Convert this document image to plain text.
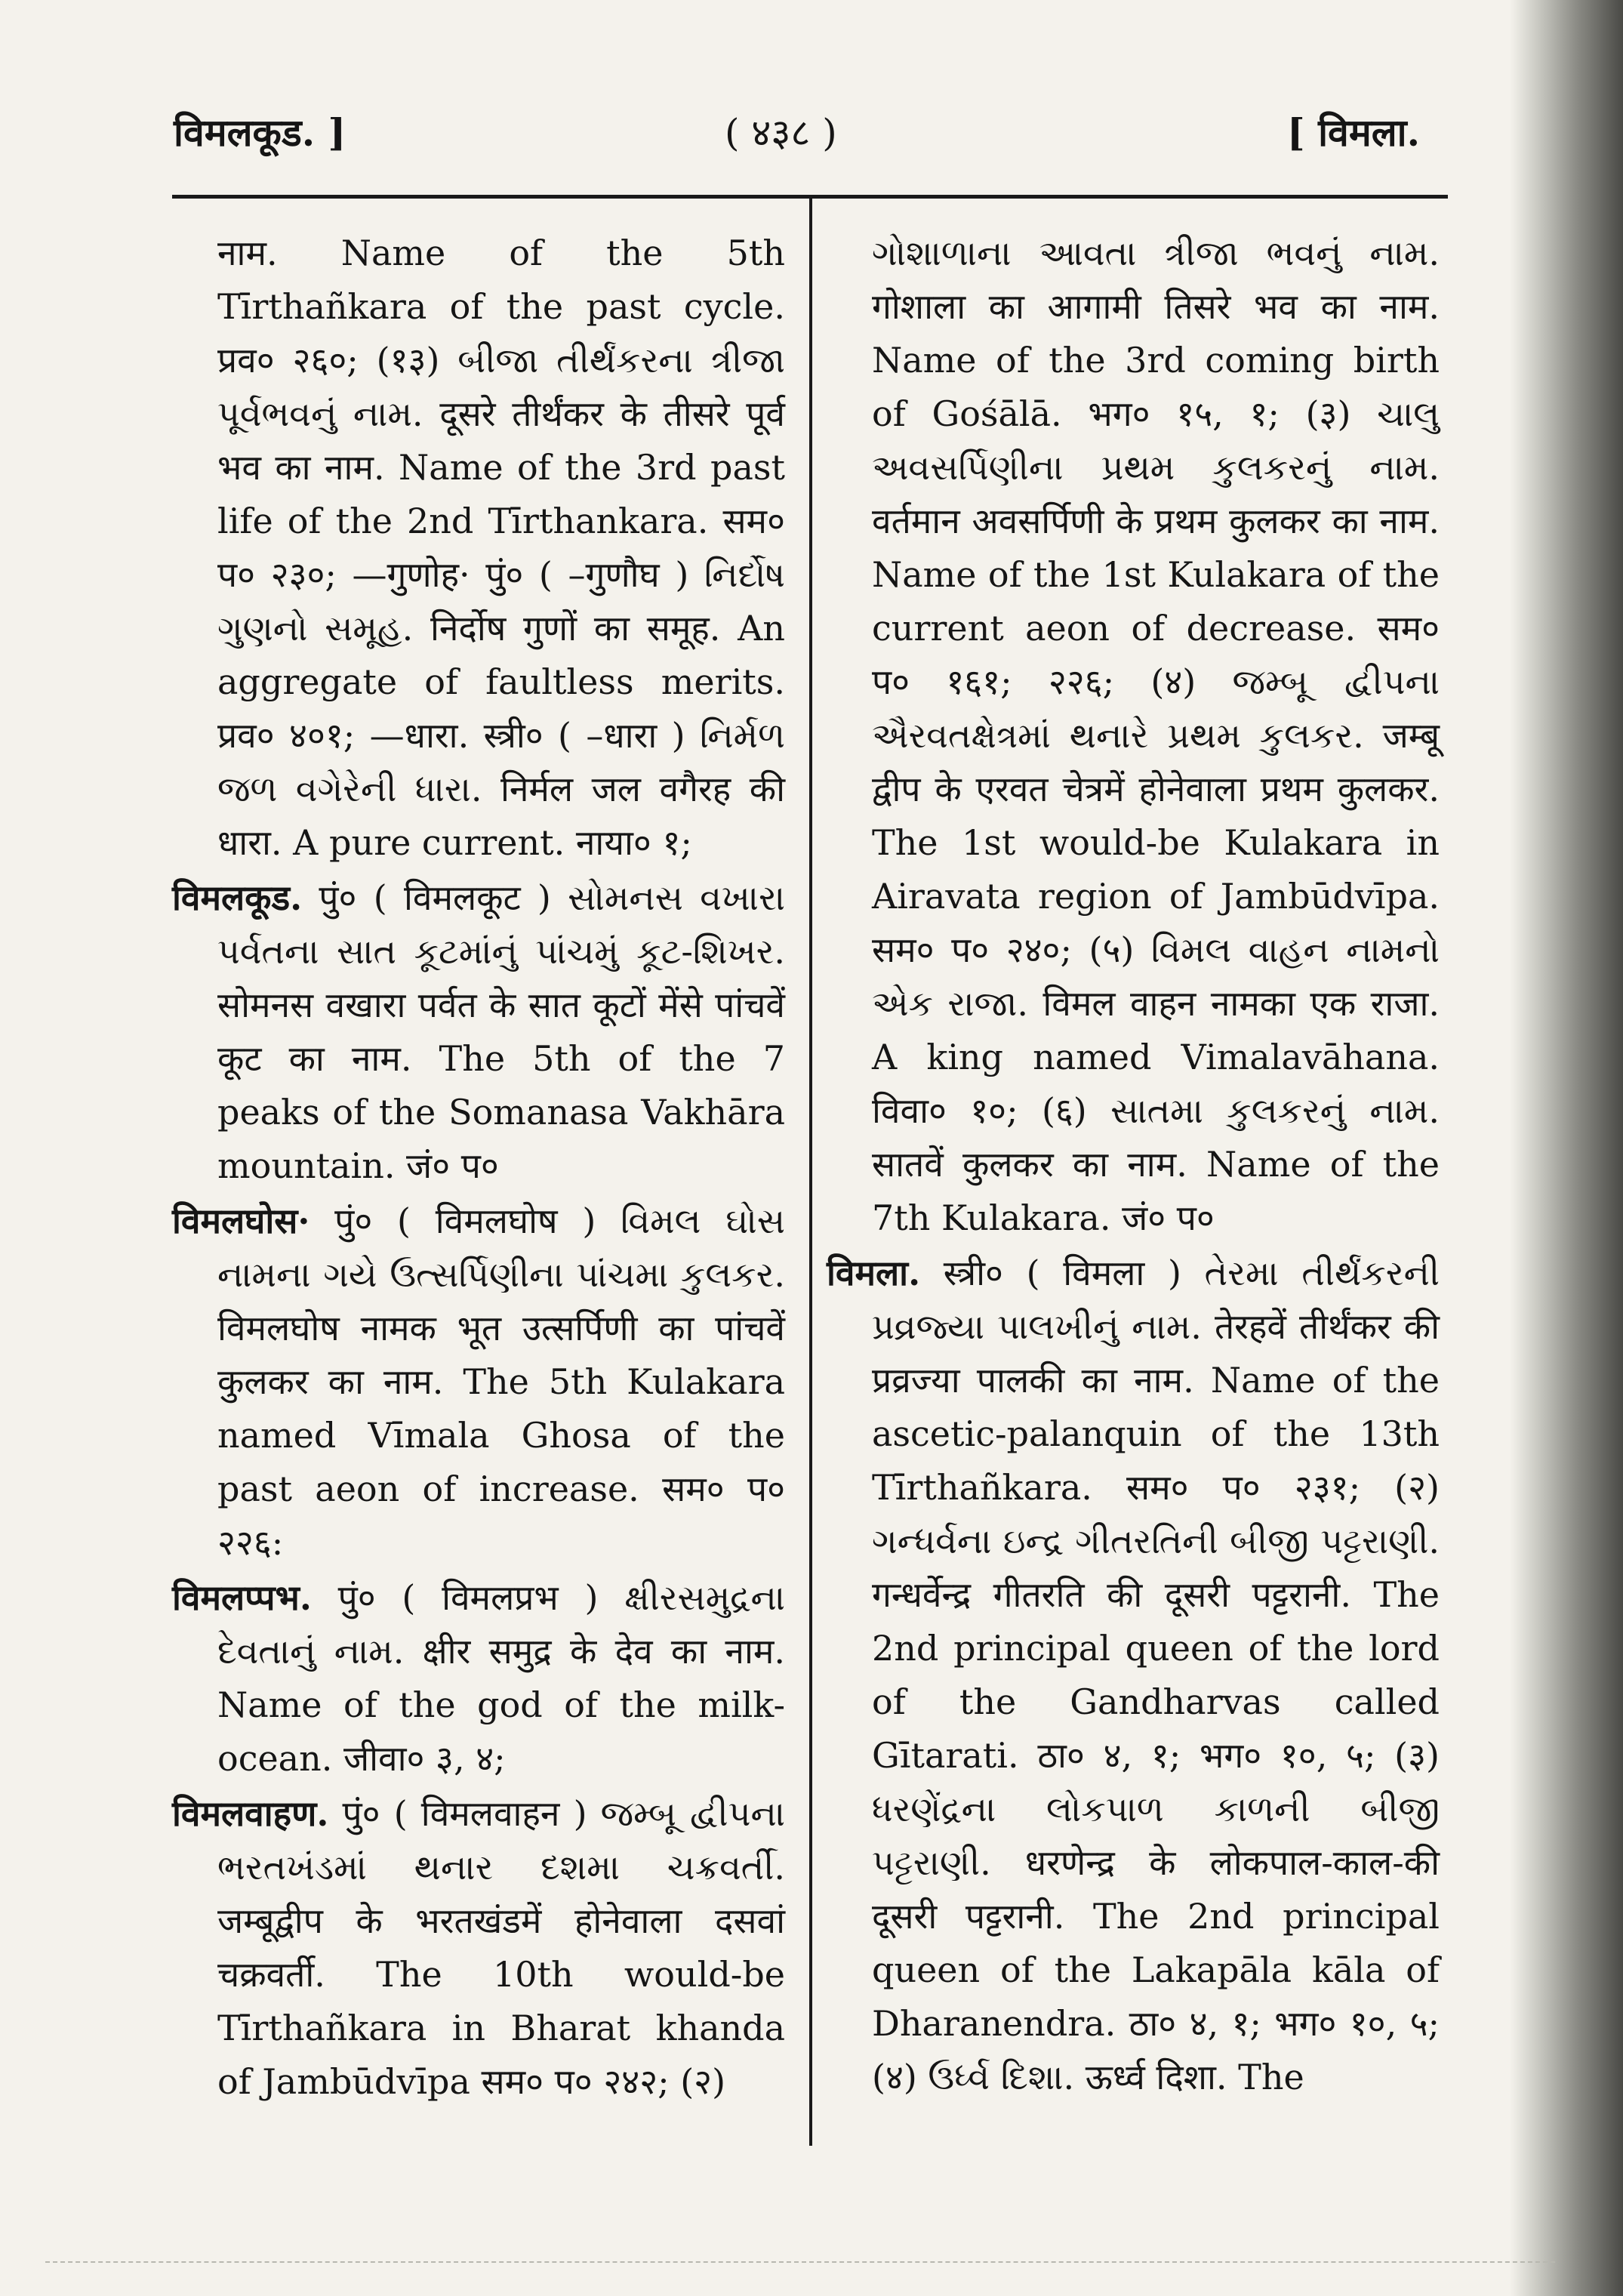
विमलकूड. ]	( ४३८ )	[ विमला.

नाम. Name of the 5th Tīrthañkara of the past cycle. प्रव० २६०; (१३) બીજા તીર્થંકરના ત્રીજા પૂર્વભવનું નામ. दूसरे तीर्थंकर के तीसरे पूर्व भव का नाम. Name of the 3rd past life of the 2nd Tīrthankara. सम० प० २३०; —गुणोह· पुं० ( –गुणौघ ) નિર્દોષ ગુણનો સમૂહ. निर्दोष गुणों का समूह. An aggregate of faultless merits. प्रव० ४०१; —धारा. स्त्री० ( –धारा ) નિર્મળ જળ વગેરેની ધારા. निर्मल जल वगैरह की धारा. A pure current. नाया० १;

विमलकूड. पुं० ( विमलकूट ) સોમનસ વખારા પર્વતના સાત કૂટમાંનું પાંચમું કૂટ-શિખર. सोमनस वखारा पर्वत के सात कूटों मेंसे पांचवें कूट का नाम. The 5th of the 7 peaks of the Somanasa Vakhāra mountain. जं० प०

विमलघोस· पुं० ( विमलघोष ) વિમલ ઘોસ નામના ગયે ઉત્સર્પિણીના પાંચમા કુલકર. विमलघोष नामक भूत उत्सर्पिणी का पांचवें कुलकर का नाम. The 5th Kulakara named Vīmala Ghosa of the past aeon of increase. सम० प० २२६:

विमलप्पभ. पुं० ( विमलप्रभ ) ક્ષીરસમુદ્રના દેવતાનું નામ. क्षीर समुद्र के देव का नाम. Name of the god of the milk-ocean. जीवा० ३, ४;

विमलवाहण. पुं० ( विमलवाहन ) જમ્બૂ દ્વીપના ભરતખંડમાં થનાર દશમા ચક્રવર્તી. जम्बूद्वीप के भरतखंडमें होनेवाला दसवां चक्रवर्ती. The 10th would-be Tīrthañkara in Bharat khanda of Jambūdvīpa सम० प० २४२; (२)

ગોશાળાના આવતા ત્રીજા ભવનું નામ. गोशाला का आगामी तिसरे भव का नाम. Name of the 3rd coming birth of Gośālā. भग० १५, १; (३) ચાલુ અવસર્પિણીના પ્રથમ કુલકરનું નામ. वर्तमान अवसर्पिणी के प्रथम कुलकर का नाम. Name of the 1st Kulakara of the current aeon of decrease. सम० प० १६१; २२६; (४) જમ્બૂ દ્વીપના ઐરવતક્ષેત્રમાં થનારે પ્રથમ કુલકર. जम्बू द्वीप के एरवत चेत्रमें होनेवाला प्रथम कुलकर. The 1st would-be Kulakara in Airavata region of Jambūdvīpa. सम० प० २४०; (५) વિમલ વાહન નામનો એક રાજા. विमल वाहन नामका एक राजा. A king named Vimalavāhana. विवा० १०; (६) સાતમા કુલકરનું નામ. सातवें कुलकर का नाम. Name of the 7th Kulakara. जं० प०

विमला. स्त्री० ( विमला ) તેરમા તીર્થંકરની પ્રવ્રજ્યા પાલખીનું નામ. तेरहवें तीर्थंकर की प्रव्रज्या पालकी का नाम. Name of the ascetic-palanquin of the 13th Tīrthañkara. सम० प० २३१; (२) ગન્ધર્વના ઇન્દ્ર ગીતરતિની બીજી પટ્ટરાણી. गन्धर्वेन्द्र गीतरति की दूसरी पट्टरानी. The 2nd principal queen of the lord of the Gandharvas called Gītarati. ठा० ४, १; भग० १०, ५; (३) ધરણેંદ્રના લોકપાળ કાળની બીજી પટ્ટરાણી. धरणेन्द्र के लोकपाल-काल-की दूसरी पट्टरानी. The 2nd principal queen of the Lakapāla kāla of Dharanendra. ठा० ४, १; भग० १०, ५; (४) ઉર્ધ્વ દિશા. ऊर्ध्व दिशा. The
